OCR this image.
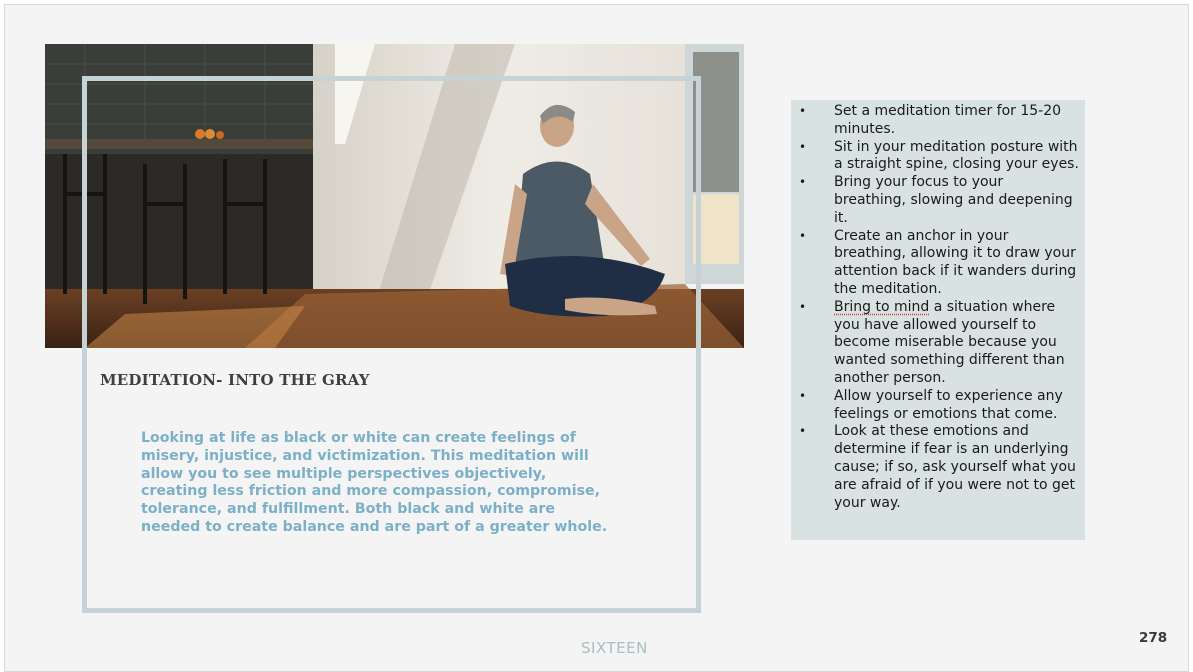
MEDITATION- INTO THE GRAY
Looking at life as black or white can create feelings of
misery, injustice, and victimization. This meditation will
allow you to see multiple perspectives objectively,
creating less friction and more compassion, compromise,
tolerance, and fulfillment. Both black and white are
needed to create balance and are part of a greater whole.
• Set a meditation timer for 15-20 minutes.
• Sit in your meditation posture with a straight spine, closing your eyes.
• Bring your focus to your breathing, slowing and deepening it.
• Create an anchor in your breathing, allowing it to draw your attention back if it wanders during the meditation.
• Bring to mind a situation where you have allowed yourself to become miserable because you wanted something different than another person.
• Allow yourself to experience any feelings or emotions that come.
• Look at these emotions and determine if fear is an underlying cause; if so, ask yourself what you are afraid of if you were not to get your way.
SIXTEEN
278
